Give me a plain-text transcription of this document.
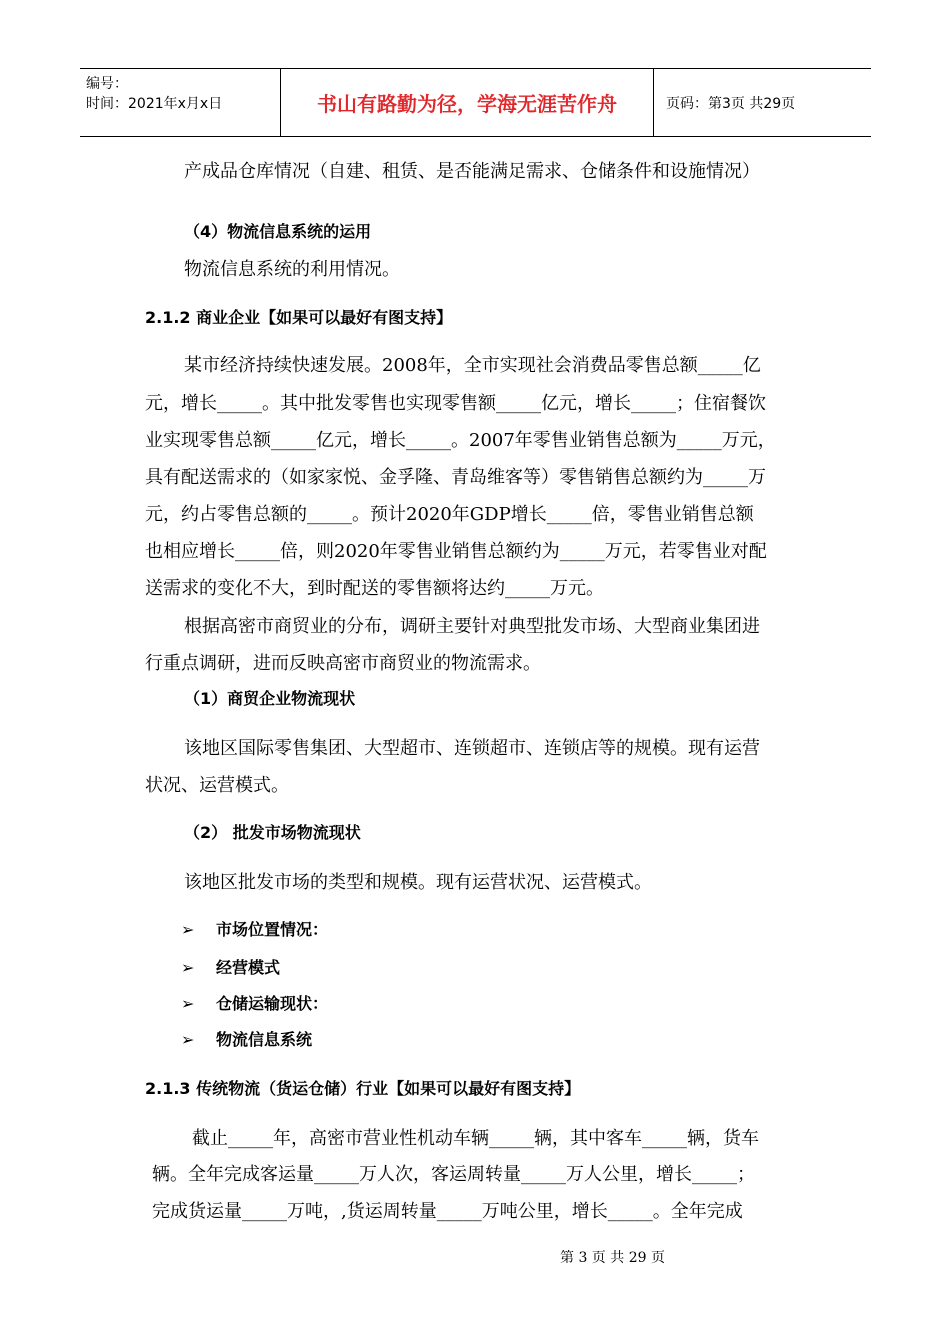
编号：
时间：2021年x月x日	书山有路勤为径，学海无涯苦作舟	页码：第3页 共29页
产成品仓库情况（自建、租赁、是否能满足需求、仓储条件和设施情况）
（4）物流信息系统的运用
物流信息系统的利用情况。
2.1.2 商业企业【如果可以最好有图支持】
某市经济持续快速发展。2008年，全市实现社会消费品零售总额_____亿
元，增长_____。其中批发零售也实现零售额_____亿元，增长_____；住宿餐饮
业实现零售总额_____亿元，增长_____。2007年零售业销售总额为_____万元，
具有配送需求的（如家家悦、金孚隆、青岛维客等）零售销售总额约为_____万
元，约占零售总额的_____。预计2020年GDP增长_____倍，零售业销售总额
也相应增长_____倍，则2020年零售业销售总额约为_____万元，若零售业对配
送需求的变化不大，到时配送的零售额将达约_____万元。
根据高密市商贸业的分布，调研主要针对典型批发市场、大型商业集团进
行重点调研，进而反映高密市商贸业的物流需求。
（1）商贸企业物流现状
该地区国际零售集团、大型超市、连锁超市、连锁店等的规模。现有运营
状况、运营模式。
（2） 批发市场物流现状
该地区批发市场的类型和规模。现有运营状况、运营模式。
➢ 市场位置情况：
➢ 经营模式
➢ 仓储运输现状：
➢ 物流信息系统
2.1.3 传统物流（货运仓储）行业【如果可以最好有图支持】
截止_____年，高密市营业性机动车辆_____辆，其中客车_____辆，货车
辆。全年完成客运量_____万人次，客运周转量_____万人公里，增长_____；
完成货运量_____万吨，,货运周转量_____万吨公里，增长_____。全年完成
第 3 页 共 29 页
